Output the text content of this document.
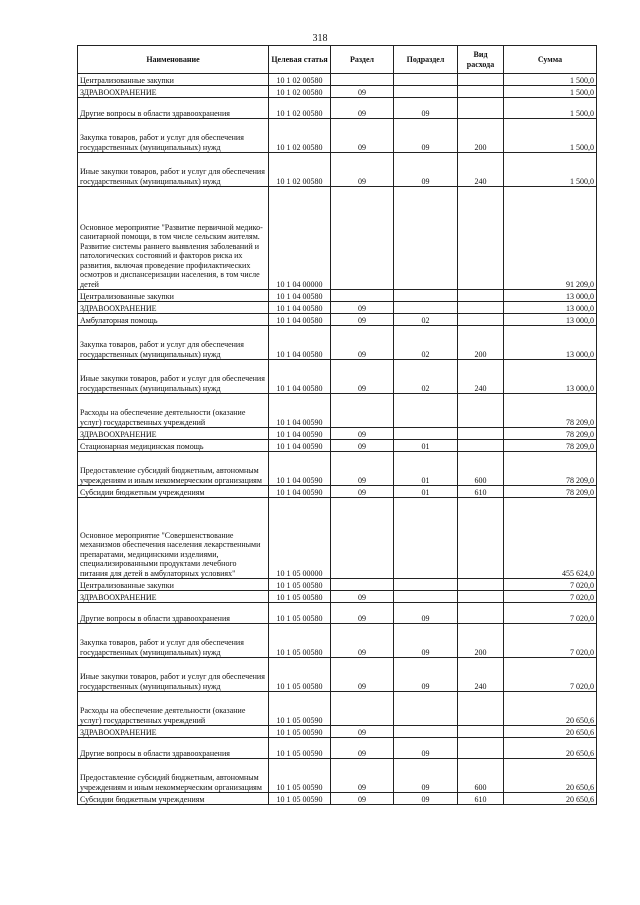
318
Наименование	Целевая статья	Раздел	Подраздел	Вид расхода	Сумма
Централизованные закупки	10 1 02 00580				1 500,0
ЗДРАВООХРАНЕНИЕ	10 1 02 00580	09			1 500,0
Другие вопросы в области здравоохранения	10 1 02 00580	09	09		1 500,0
Закупка товаров, работ и услуг для обеспечения государственных (муниципальных) нужд	10 1 02 00580	09	09	200	1 500,0
Иные закупки товаров, работ и услуг для обеспечения государственных (муниципальных) нужд	10 1 02 00580	09	09	240	1 500,0
Основное мероприятие "Развитие первичной медико-санитарной помощи, в том числе сельским жителям. Развитие системы раннего выявления заболеваний и патологических состояний и факторов риска их развития, включая проведение профилактических осмотров и диспансеризации населения, в том числе детей	10 1 04 00000				91 209,0
Централизованные закупки	10 1 04 00580				13 000,0
ЗДРАВООХРАНЕНИЕ	10 1 04 00580	09			13 000,0
Амбулаторная помощь	10 1 04 00580	09	02		13 000,0
Закупка товаров, работ и услуг для обеспечения государственных (муниципальных) нужд	10 1 04 00580	09	02	200	13 000,0
Иные закупки товаров, работ и услуг для обеспечения государственных (муниципальных) нужд	10 1 04 00580	09	02	240	13 000,0
Расходы на обеспечение деятельности (оказание услуг) государственных учреждений	10 1 04 00590				78 209,0
ЗДРАВООХРАНЕНИЕ	10 1 04 00590	09			78 209,0
Стационарная медицинская помощь	10 1 04 00590	09	01		78 209,0
Предоставление субсидий бюджетным, автономным учреждениям и иным некоммерческим организациям	10 1 04 00590	09	01	600	78 209,0
Субсидии бюджетным учреждениям	10 1 04 00590	09	01	610	78 209,0
Основное мероприятие "Совершенствование механизмов обеспечения населения лекарственными препаратами, медицинскими изделиями, специализированными продуктами лечебного питания для детей в амбулаторных условиях"	10 1 05 00000				455 624,0
Централизованные закупки	10 1 05 00580				7 020,0
ЗДРАВООХРАНЕНИЕ	10 1 05 00580	09			7 020,0
Другие вопросы в области здравоохранения	10 1 05 00580	09	09		7 020,0
Закупка товаров, работ и услуг для обеспечения государственных (муниципальных) нужд	10 1 05 00580	09	09	200	7 020,0
Иные закупки товаров, работ и услуг для обеспечения государственных (муниципальных) нужд	10 1 05 00580	09	09	240	7 020,0
Расходы на обеспечение деятельности (оказание услуг) государственных учреждений	10 1 05 00590				20 650,6
ЗДРАВООХРАНЕНИЕ	10 1 05 00590	09			20 650,6
Другие вопросы в области здравоохранения	10 1 05 00590	09	09		20 650,6
Предоставление субсидий бюджетным, автономным учреждениям и иным некоммерческим организациям	10 1 05 00590	09	09	600	20 650,6
Субсидии бюджетным учреждениям	10 1 05 00590	09	09	610	20 650,6
